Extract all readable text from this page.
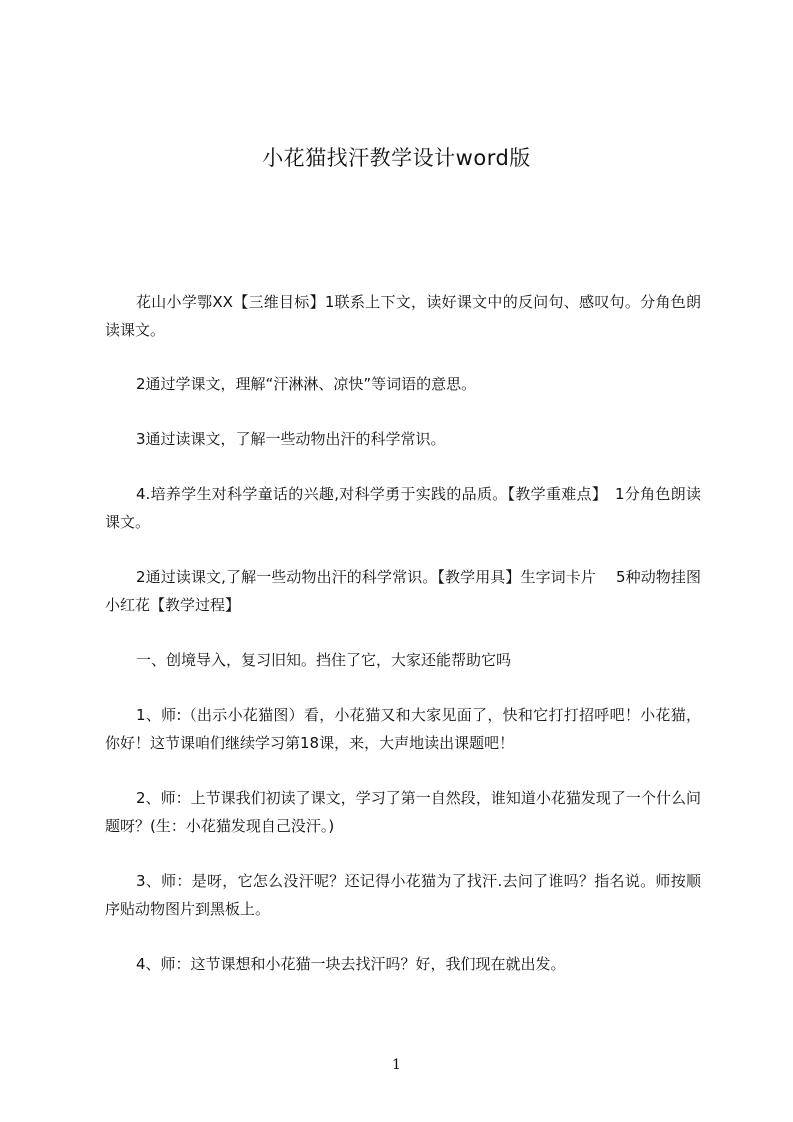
小花猫找汗教学设计word版

花山小学鄂XX【三维目标】1联系上下文，读好课文中的反问句、感叹句。分角色朗读课文。

2通过学课文，理解“汗淋淋、凉快”等词语的意思。

3通过读课文，了解一些动物出汗的科学常识。

4.培养学生对科学童话的兴趣,对科学勇于实践的品质。【教学重难点】　1分角色朗读课文。

2通过读课文,了解一些动物出汗的科学常识。【教学用具】生字词卡片　 5种动物挂图小红花【教学过程】

一、创境导入，复习旧知。挡住了它，大家还能帮助它吗

1、师:（出示小花猫图）看，小花猫又和大家见面了，快和它打打招呼吧！小花猫，你好！这节课咱们继续学习第18课，来，大声地读出课题吧！

2、师：上节课我们初读了课文，学习了第一自然段，谁知道小花猫发现了一个什么问题呀？(生：小花猫发现自己没汗。)

3、师：是呀，它怎么没汗呢？还记得小花猫为了找汗.去问了谁吗？指名说。师按顺序贴动物图片到黑板上。

4、师：这节课想和小花猫一块去找汗吗？好，我们现在就出发。

1
